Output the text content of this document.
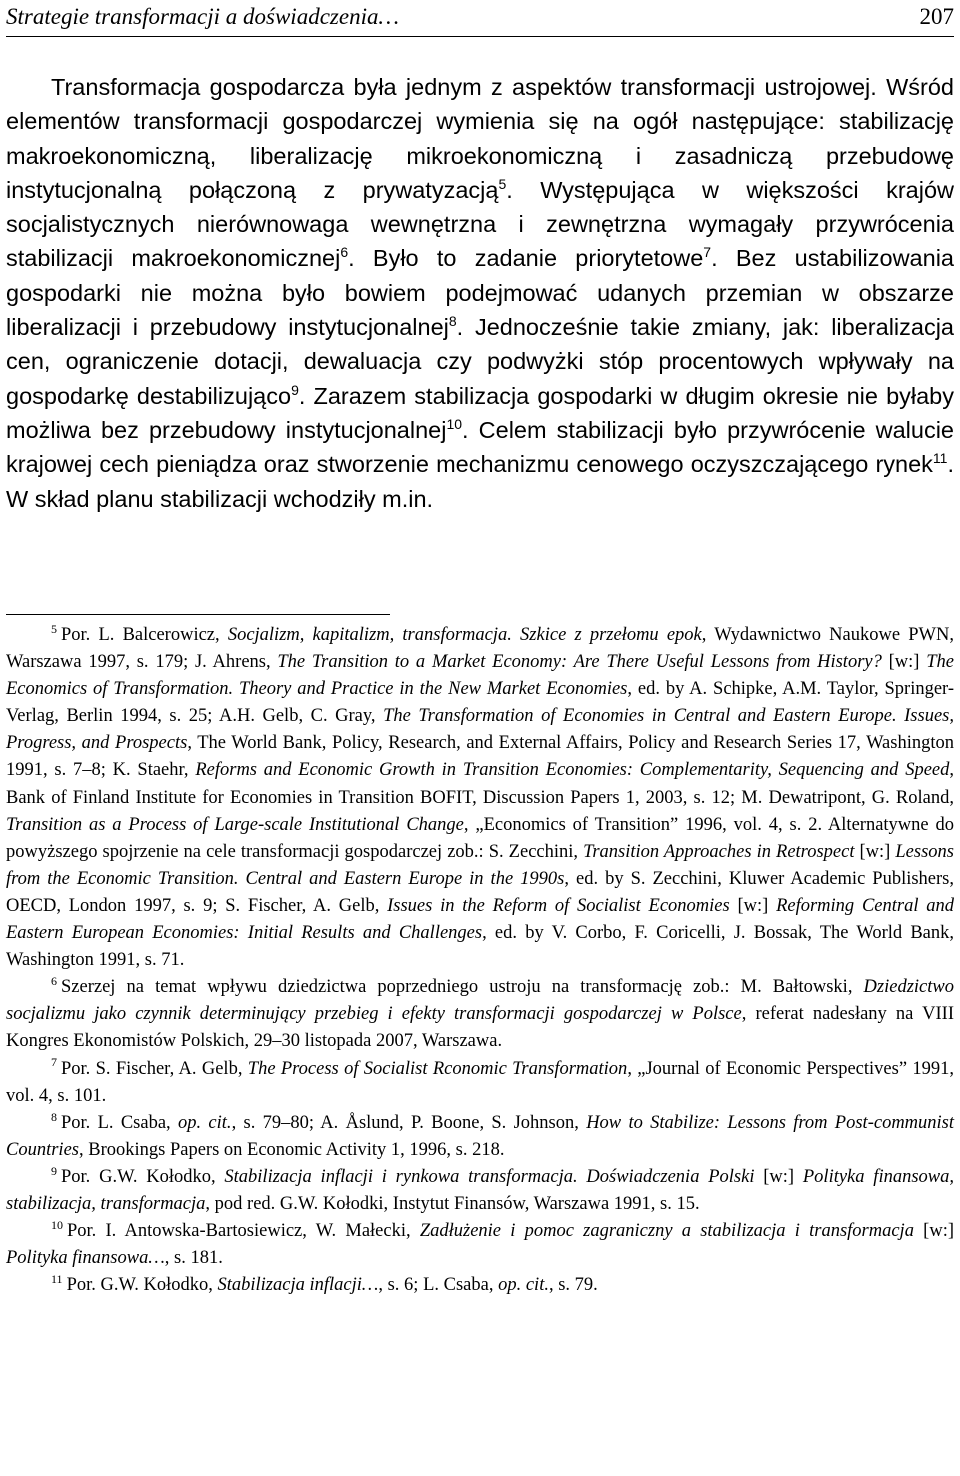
Strategie transformacji a doświadczenia…	207

Transformacja gospodarcza była jednym z aspektów transformacji ustrojowej. Wśród elementów transformacji gospodarczej wymienia się na ogół następujące: stabilizację makroekonomiczną, liberalizację mikroekonomiczną i zasadniczą przebudowę instytucjonalną połączoną z prywatyzacją$^5$. Występująca w większości krajów socjalistycznych nierównowaga wewnętrzna i zewnętrzna wymagały przywrócenia stabilizacji makroekonomicznej$^6$. Było to zadanie priorytetowe$^7$. Bez ustabilizowania gospodarki nie można było bowiem podejmować udanych przemian w obszarze liberalizacji i przebudowy instytucjonalnej$^8$. Jednocześnie takie zmiany, jak: liberalizacja cen, ograniczenie dotacji, dewaluacja czy podwyżki stóp procentowych wpływały na gospodarkę destabilizująco$^9$. Zarazem stabilizacja gospodarki w długim okresie nie byłaby możliwa bez przebudowy instytucjonalnej$^{10}$. Celem stabilizacji było przywrócenie walucie krajowej cech pieniądza oraz stworzenie mechanizmu cenowego oczyszczającego rynek$^{11}$. W skład planu stabilizacji wchodziły m.in.

$^5$ Por. L. Balcerowicz, Socjalizm, kapitalizm, transformacja. Szkice z przełomu epok, Wydawnictwo Naukowe PWN, Warszawa 1997, s. 179; J. Ahrens, The Transition to a Market Economy: Are There Useful Lessons from History? [w:] The Economics of Transformation. Theory and Practice in the New Market Economies, ed. by A. Schipke, A.M. Taylor, Springer-Verlag, Berlin 1994, s. 25; A.H. Gelb, C. Gray, The Transformation of Economies in Central and Eastern Europe. Issues, Progress, and Prospects, The World Bank, Policy, Research, and External Affairs, Policy and Research Series 17, Washington 1991, s. 7–8; K. Staehr, Reforms and Economic Growth in Transition Economies: Complementarity, Sequencing and Speed, Bank of Finland Institute for Economies in Transition BOFIT, Discussion Papers 1, 2003, s. 12; M. Dewatripont, G. Roland, Transition as a Process of Large-scale Institutional Change, „Economics of Transition” 1996, vol. 4, s. 2. Alternatywne do powyższego spojrzenie na cele transformacji gospodarczej zob.: S. Zecchini, Transition Approaches in Retrospect [w:] Lessons from the Economic Transition. Central and Eastern Europe in the 1990s, ed. by S. Zecchini, Kluwer Academic Publishers, OECD, London 1997, s. 9; S. Fischer, A. Gelb, Issues in the Reform of Socialist Economies [w:] Reforming Central and Eastern European Economies: Initial Results and Challenges, ed. by V. Corbo, F. Coricelli, J. Bossak, The World Bank, Washington 1991, s. 71.

$^6$ Szerzej na temat wpływu dziedzictwa poprzedniego ustroju na transformację zob.: M. Bałtowski, Dziedzictwo socjalizmu jako czynnik determinujący przebieg i efekty transformacji gospodarczej w Polsce, referat nadesłany na VIII Kongres Ekonomistów Polskich, 29–30 listopada 2007, Warszawa.

$^7$ Por. S. Fischer, A. Gelb, The Process of Socialist Rconomic Transformation, „Journal of Economic Perspectives” 1991, vol. 4, s. 101.

$^8$ Por. L. Csaba, op. cit., s. 79–80; A. Åslund, P. Boone, S. Johnson, How to Stabilize: Lessons from Post-communist Countries, Brookings Papers on Economic Activity 1, 1996, s. 218.

$^9$ Por. G.W. Kołodko, Stabilizacja inflacji i rynkowa transformacja. Doświadczenia Polski [w:] Polityka finansowa, stabilizacja, transformacja, pod red. G.W. Kołodki, Instytut Finansów, Warszawa 1991, s. 15.

$^{10}$ Por. I. Antowska-Bartosiewicz, W. Małecki, Zadłużenie i pomoc zagraniczny a stabilizacja i transformacja [w:] Polityka finansowa…, s. 181.

$^{11}$ Por. G.W. Kołodko, Stabilizacja inflacji…, s. 6; L. Csaba, op. cit., s. 79.
